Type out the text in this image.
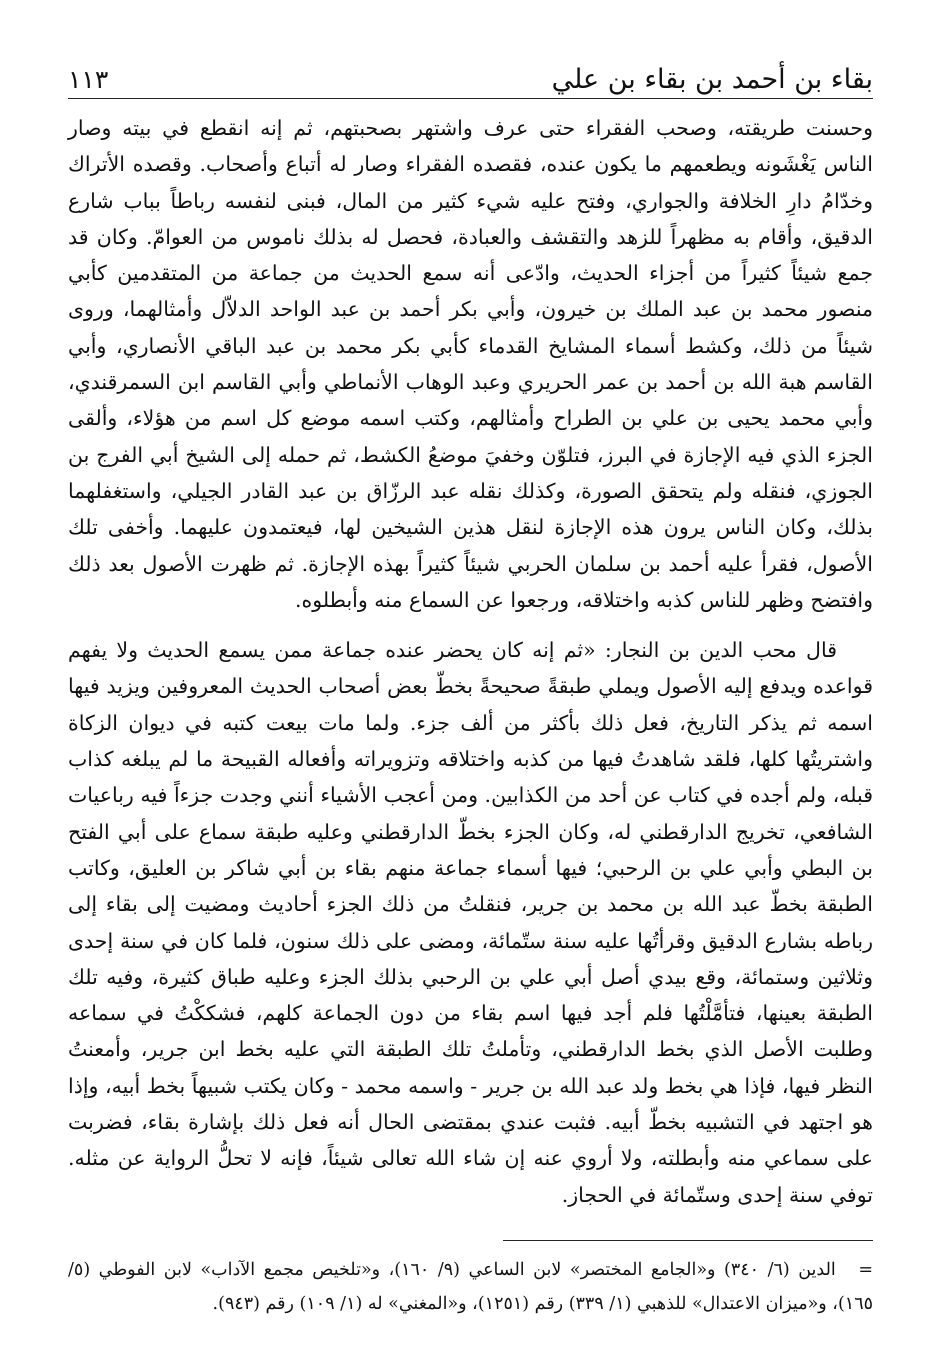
بقاء بن أحمد بن بقاء بن علي
١١٣

وحسنت طريقته، وصحب الفقراء حتى عرف واشتهر بصحبتهم، ثم إنه انقطع في بيته وصار الناس يَغْشَونه ويطعمهم ما يكون عنده، فقصده الفقراء وصار له أتباع وأصحاب. وقصده الأتراك وخدّامُ دارِ الخلافة والجواري، وفتح عليه شيء كثير من المال، فبنى لنفسه رباطاً بباب شارع الدقيق، وأقام به مظهراً للزهد والتقشف والعبادة، فحصل له بذلك ناموس من العوامّ. وكان قد جمع شيئاً كثيراً من أجزاء الحديث، وادّعى أنه سمع الحديث من جماعة من المتقدمين كأبي منصور محمد بن عبد الملك بن خيرون، وأبي بكر أحمد بن عبد الواحد الدلاّل وأمثالهما، وروى شيئاً من ذلك، وكشط أسماء المشايخ القدماء كأبي بكر محمد بن عبد الباقي الأنصاري، وأبي القاسم هبة الله بن أحمد بن عمر الحريري وعبد الوهاب الأنماطي وأبي القاسم ابن السمرقندي، وأبي محمد يحيى بن علي بن الطراح وأمثالهم، وكتب اسمه موضع كل اسم من هؤلاء، وألقى الجزء الذي فيه الإجازة في البرز، فتلوّن وخفيَ موضعُ الكشط، ثم حمله إلى الشيخ أبي الفرج بن الجوزي، فنقله ولم يتحقق الصورة، وكذلك نقله عبد الرزّاق بن عبد القادر الجيلي، واستغفلهما بذلك، وكان الناس يرون هذه الإجازة لنقل هذين الشيخين لها، فيعتمدون عليهما. وأخفى تلك الأصول، فقرأ عليه أحمد بن سلمان الحربي شيئاً كثيراً بهذه الإجازة. ثم ظهرت الأصول بعد ذلك وافتضح وظهر للناس كذبه واختلاقه، ورجعوا عن السماع منه وأبطلوه.

قال محب الدين بن النجار: «ثم إنه كان يحضر عنده جماعة ممن يسمع الحديث ولا يفهم قواعده ويدفع إليه الأصول ويملي طبقةً صحيحةً بخطّ بعض أصحاب الحديث المعروفين ويزيد فيها اسمه ثم يذكر التاريخ، فعل ذلك بأكثر من ألف جزء. ولما مات بيعت كتبه في ديوان الزكاة واشتريتُها كلها، فلقد شاهدتُ فيها من كذبه واختلاقه وتزويراته وأفعاله القبيحة ما لم يبلغه كذاب قبله، ولم أجده في كتاب عن أحد من الكذابين. ومن أعجب الأشياء أنني وجدت جزءاً فيه رباعيات الشافعي، تخريج الدارقطني له، وكان الجزء بخطّ الدارقطني وعليه طبقة سماع على أبي الفتح بن البطي وأبي علي بن الرحبي؛ فيها أسماء جماعة منهم بقاء بن أبي شاكر بن العليق، وكاتب الطبقة بخطّ عبد الله بن محمد بن جرير، فنقلتُ من ذلك الجزء أحاديث ومضيت إلى بقاء إلى رباطه بشارع الدقيق وقرأتُها عليه سنة ستّمائة، ومضى على ذلك سنون، فلما كان في سنة إحدى وثلاثين وستمائة، وقع بيدي أصل أبي علي بن الرحبي بذلك الجزء وعليه طباق كثيرة، وفيه تلك الطبقة بعينها، فتأمَّلْتُها فلم أجد فيها اسم بقاء من دون الجماعة كلهم، فشككْتُ في سماعه وطلبت الأصل الذي بخط الدارقطني، وتأملتُ تلك الطبقة التي عليه بخط ابن جرير، وأمعنتُ النظر فيها، فإذا هي بخط ولد عبد الله بن جرير - واسمه محمد - وكان يكتب شبيهاً بخط أبيه، وإذا هو اجتهد في التشبيه بخطّ أبيه. فثبت عندي بمقتضى الحال أنه فعل ذلك بإشارة بقاء، فضربت على سماعي منه وأبطلته، ولا أروي عنه إن شاء الله تعالى شيئاً، فإنه لا تحلُّ الرواية عن مثله. توفي سنة إحدى وستّمائة في الحجاز.

= الدين (٦/ ٣٤٠) و«الجامع المختصر» لابن الساعي (٩/ ١٦٠)، و«تلخيص مجمع الآداب» لابن الفوطي (٥/ ١٦٥)، و«ميزان الاعتدال» للذهبي (١/ ٣٣٩) رقم (١٢٥١)، و«المغني» له (١/ ١٠٩) رقم (٩٤٣).
